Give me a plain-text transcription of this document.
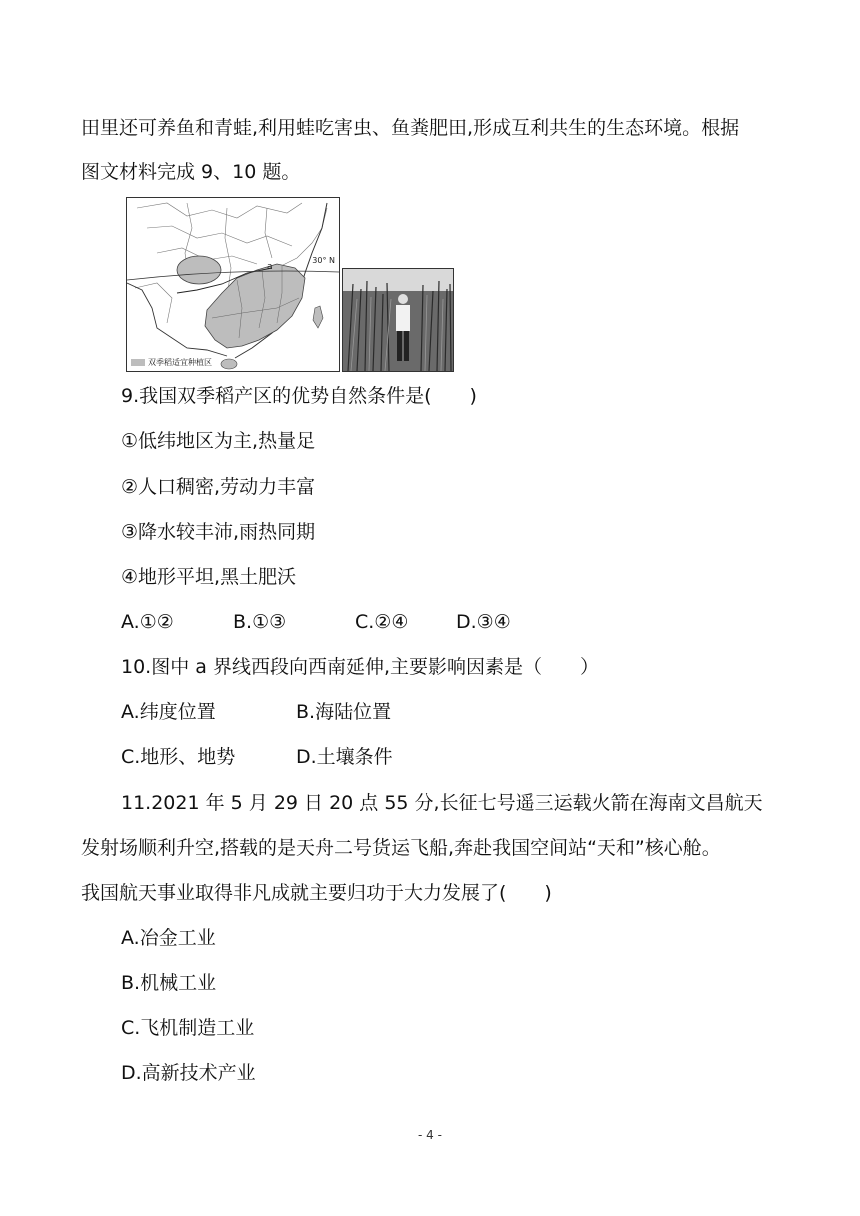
田里还可养鱼和青蛙,利用蛙吃害虫、鱼粪肥田,形成互利共生的生态环境。根据
图文材料完成 9、10 题。
30° N
a
双季稻适宜种植区
9.我国双季稻产区的优势自然条件是(　　)
①低纬地区为主,热量足
②人口稠密,劳动力丰富
③降水较丰沛,雨热同期
④地形平坦,黑土肥沃
A.①②	B.①③	C.②④	D.③④
10.图中 a 界线西段向西南延伸,主要影响因素是（　　）
A.纬度位置	B.海陆位置
C.地形、地势	D.土壤条件
11.2021 年 5 月 29 日 20 点 55 分,长征七号遥三运载火箭在海南文昌航天
发射场顺利升空,搭载的是天舟二号货运飞船,奔赴我国空间站“天和”核心舱。
我国航天事业取得非凡成就主要归功于大力发展了(　　)
A.冶金工业
B.机械工业
C.飞机制造工业
D.高新技术产业
- 4 -
